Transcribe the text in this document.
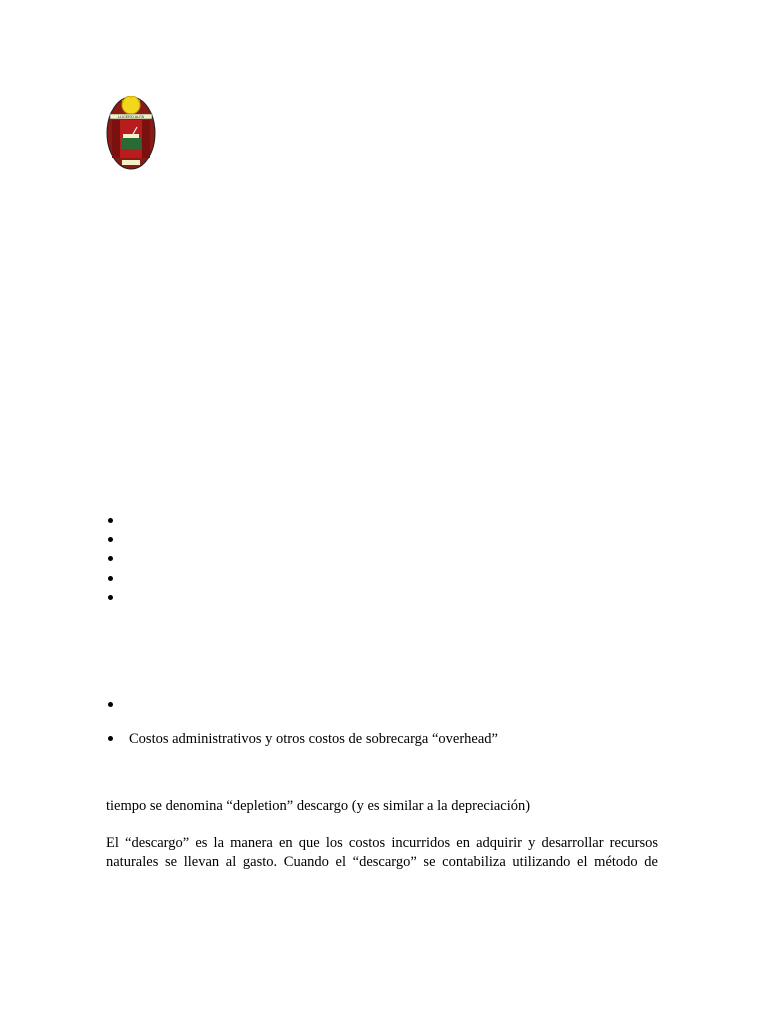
LUCERO ALFA
Costos administrativos y otros costos de sobrecarga “overhead”

tiempo se denomina “depletion” descargo (y es similar a la depreciación)

El “descargo” es la manera en que los costos incurridos en adquirir y desarrollar recursos
naturales se llevan al gasto. Cuando el “descargo” se contabiliza utilizando el método de
